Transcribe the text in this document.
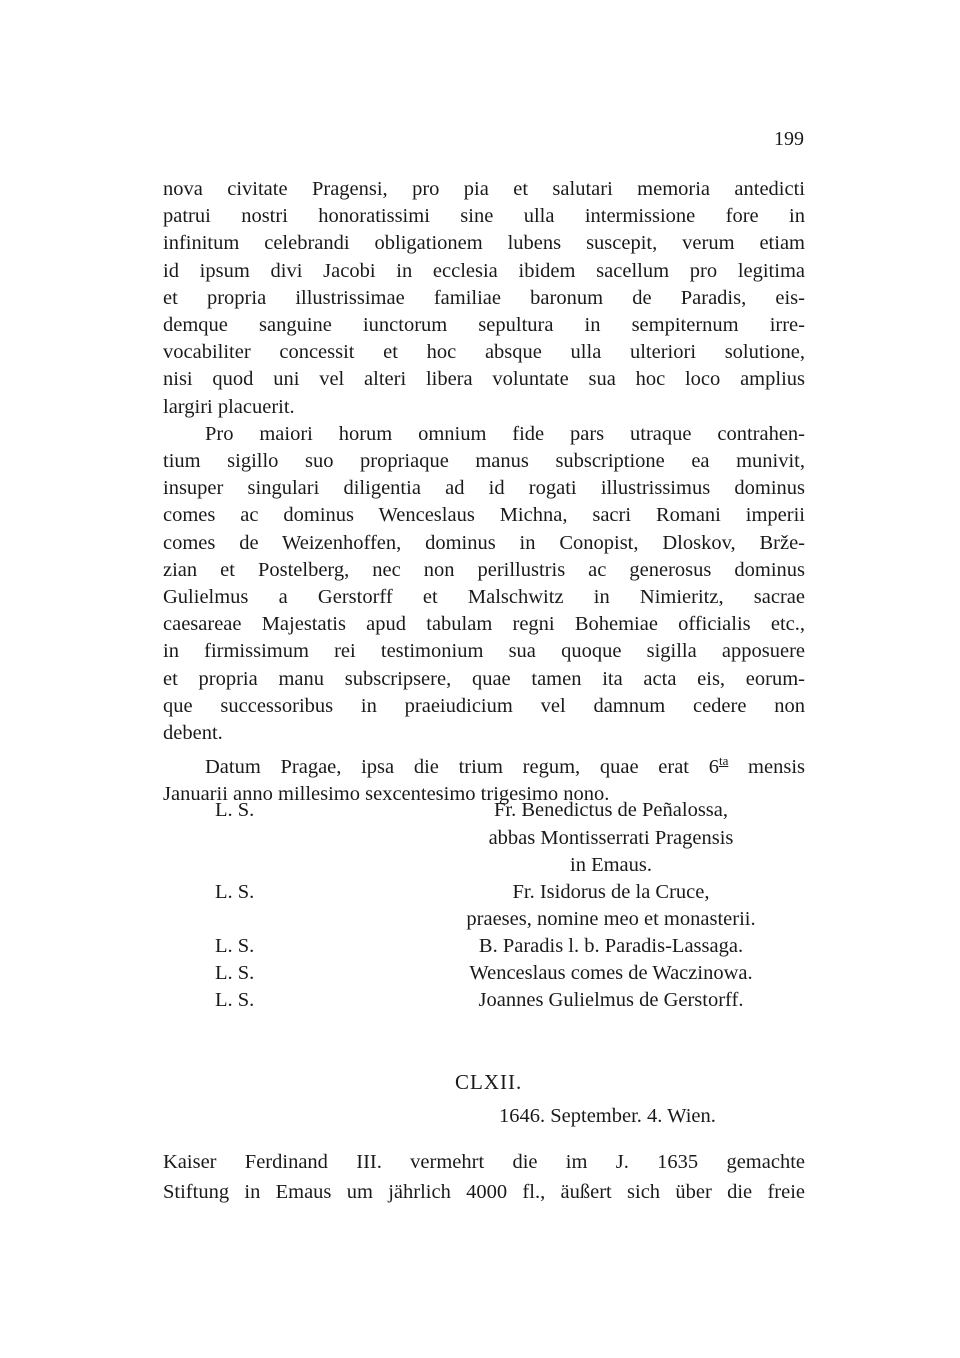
199
nova civitate Pragensi, pro pia et salutari memoria antedicti
patrui nostri honoratissimi sine ulla intermissione fore in
infinitum celebrandi obligationem lubens suscepit, verum etiam
id ipsum divi Jacobi in ecclesia ibidem sacellum pro legitima
et propria illustrissimae familiae baronum de Paradis, eis-
demque sanguine iunctorum sepultura in sempiternum irre-
vocabiliter concessit et hoc absque ulla ulteriori solutione,
nisi quod uni vel alteri libera voluntate sua hoc loco amplius
largiri placuerit.
Pro maiori horum omnium fide pars utraque contrahen-
tium sigillo suo propriaque manus subscriptione ea munivit,
insuper singulari diligentia ad id rogati illustrissimus dominus
comes ac dominus Wenceslaus Michna, sacri Romani imperii
comes de Weizenhoffen, dominus in Conopist, Dloskov, Brže-
zian et Postelberg, nec non perillustris ac generosus dominus
Gulielmus a Gerstorff et Malschwitz in Nimieritz, sacrae
caesareae Majestatis apud tabulam regni Bohemiae officialis etc.,
in firmissimum rei testimonium sua quoque sigilla apposuere
et propria manu subscripsere, quae tamen ita acta eis, eorum-
que successoribus in praeiudicium vel damnum cedere non
debent.
Datum Pragae, ipsa die trium regum, quae erat $6^{ta}$ mensis
Januarii anno millesimo sexcentesimo trigesimo nono.
L. S.	Fr. Benedictus de Peñalossa,
abbas Montisserrati Pragensis
in Emaus.
L. S.	Fr. Isidorus de la Cruce,
praeses, nomine meo et monasterii.
L. S.	B. Paradis l. b. Paradis-Lassaga.
L. S.	Wenceslaus comes de Waczinowa.
L. S.	Joannes Gulielmus de Gerstorff.
CLXII.
1646. September. 4. Wien.
Kaiser Ferdinand III. vermehrt die im J. 1635 gemachte
Stiftung in Emaus um jährlich 4000 fl., äußert sich über die freie
